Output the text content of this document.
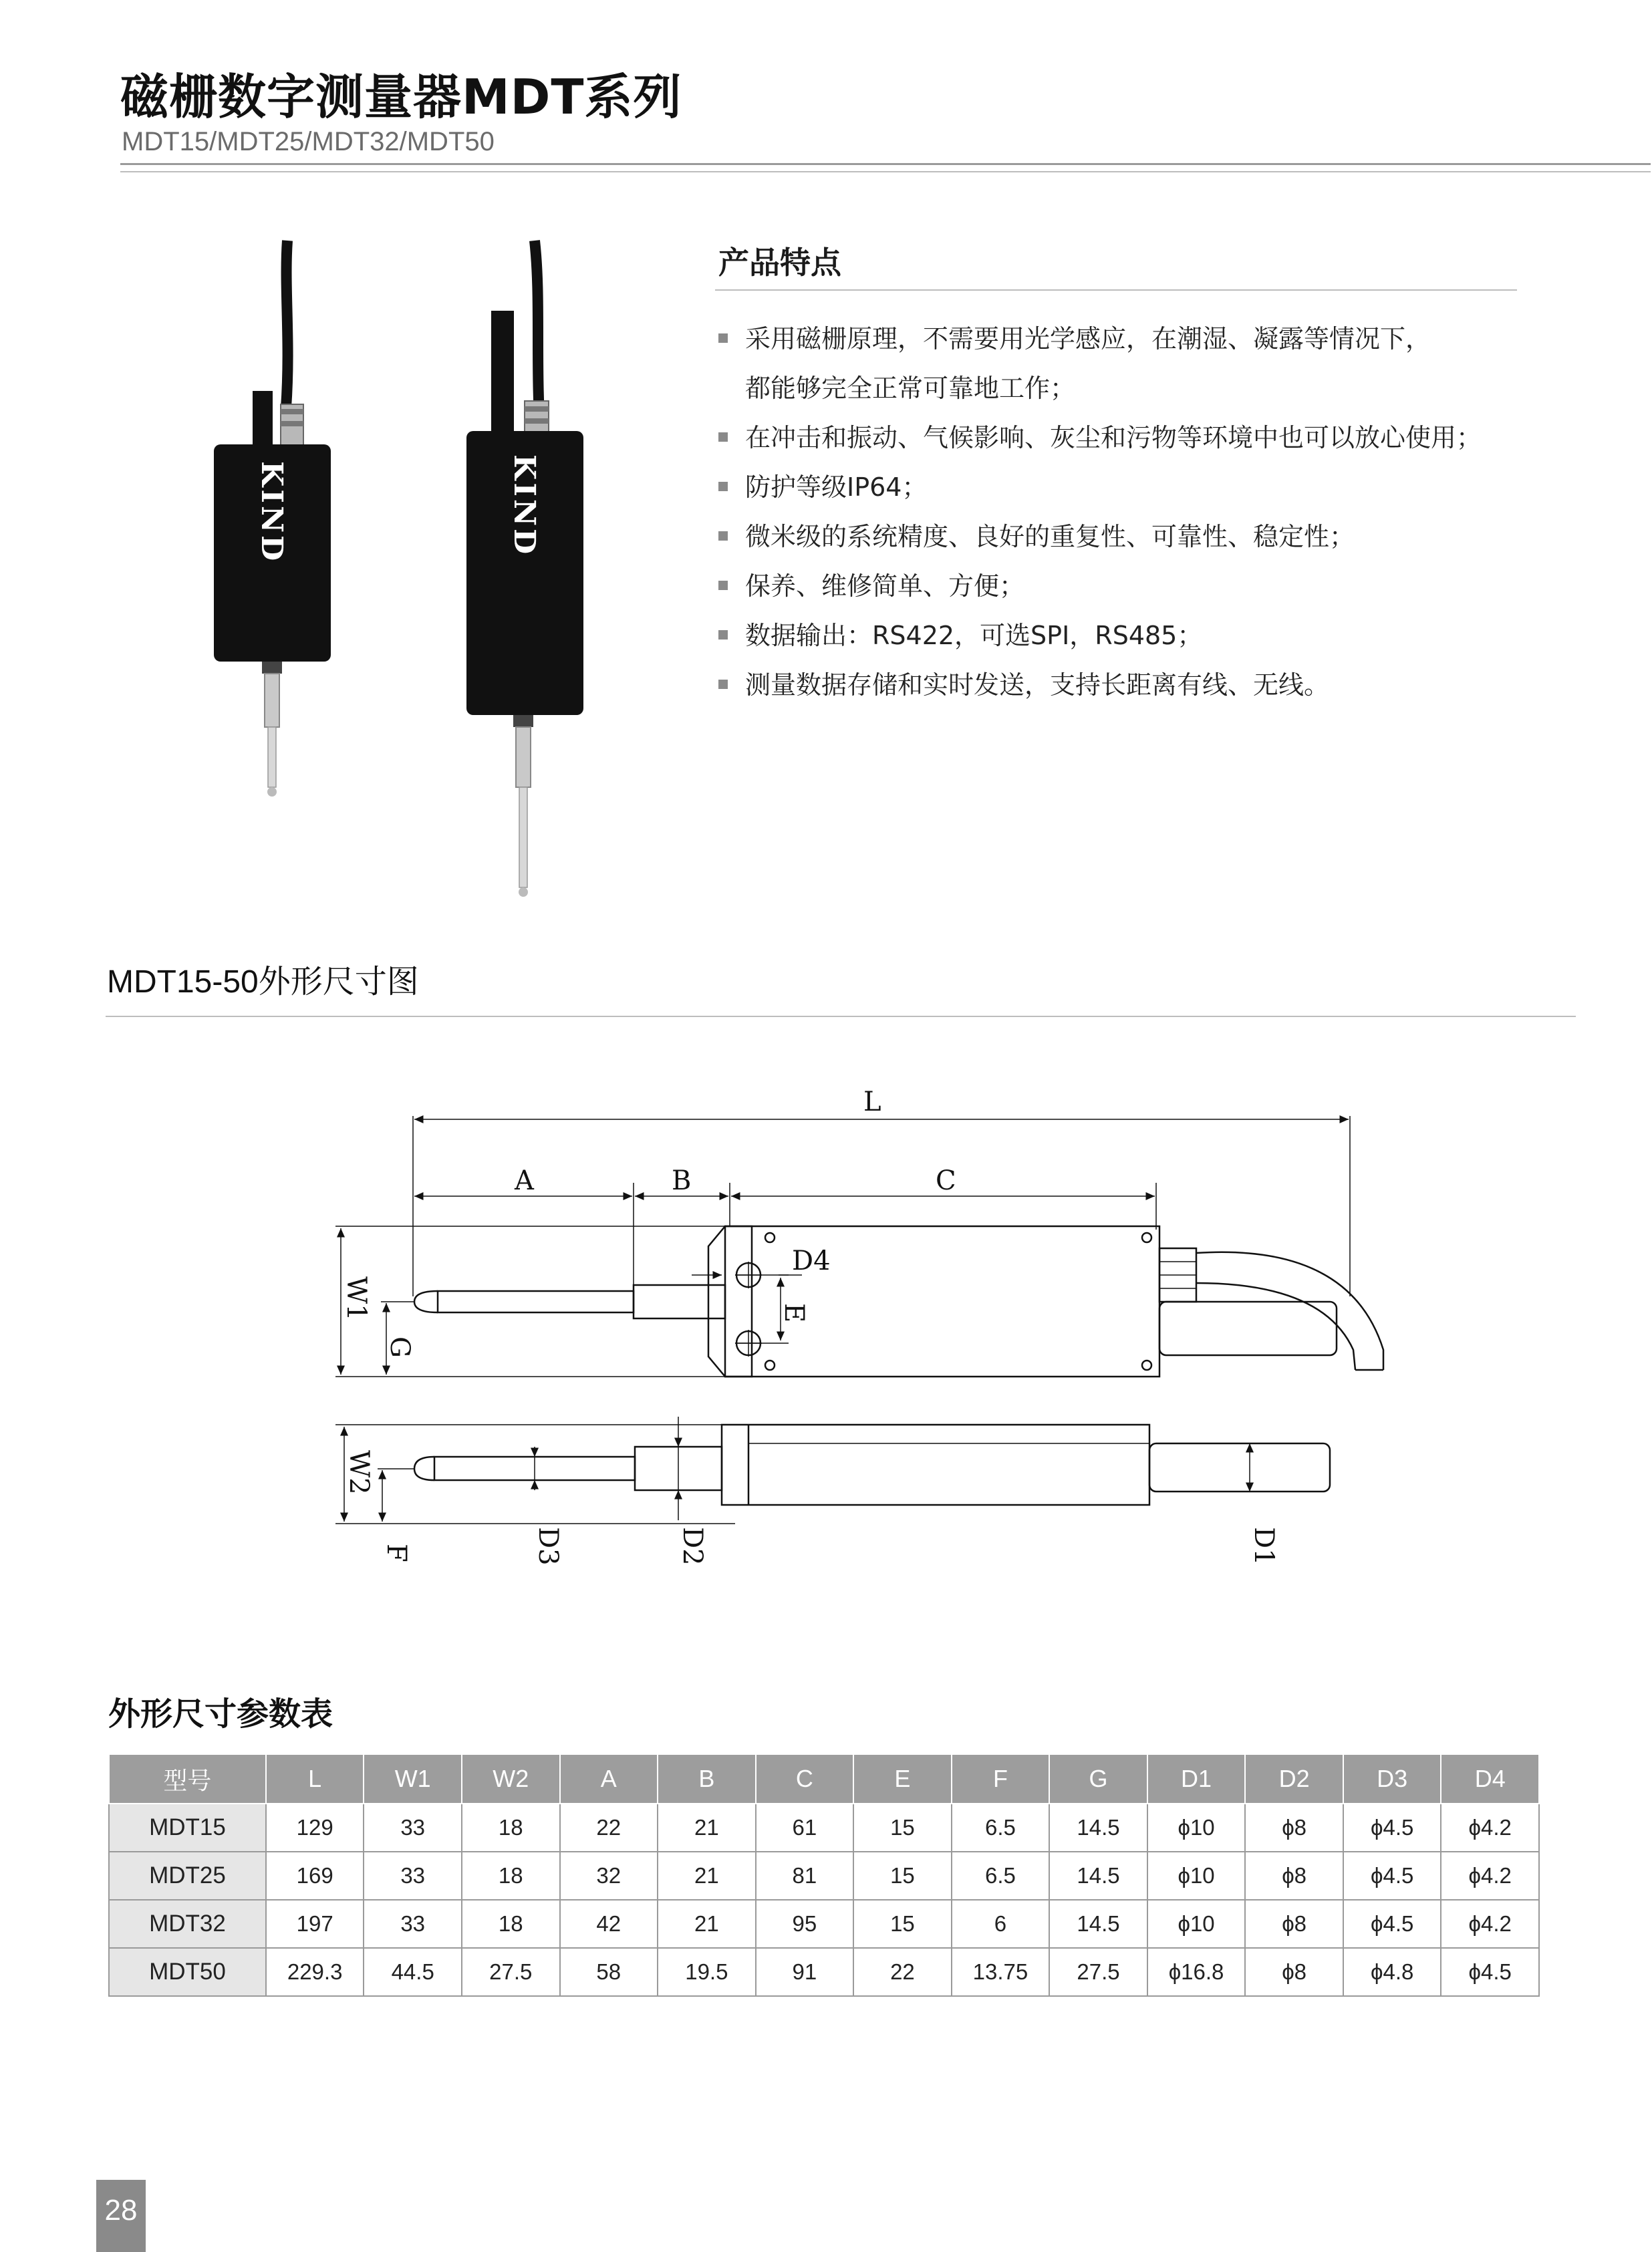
磁栅数字测量器MDT系列
MDT15/MDT25/MDT32/MDT50
KIND	KIND
产品特点
采用磁栅原理，不需要用光学感应，在潮湿、凝露等情况下，
都能够完全正常可靠地工作；
在冲击和振动、气候影响、灰尘和污物等环境中也可以放心使用；
防护等级IP64；
微米级的系统精度、良好的重复性、可靠性、稳定性；
保养、维修简单、方便；
数据输出：RS422，可选SPI，RS485；
测量数据存储和实时发送，支持长距离有线、无线。
MDT15-50外形尺寸图
L
A	B	C
D4
E
W1
G
W2
F	D3	D2	D1
外形尺寸参数表
型号	L	W1	W2	A	B	C	E	F	G	D1	D2	D3	D4
MDT15	129	33	18	22	21	61	15	6.5	14.5	ϕ10	ϕ8	ϕ4.5	ϕ4.2
MDT25	169	33	18	32	21	81	15	6.5	14.5	ϕ10	ϕ8	ϕ4.5	ϕ4.2
MDT32	197	33	18	42	21	95	15	6	14.5	ϕ10	ϕ8	ϕ4.5	ϕ4.2
MDT50	229.3	44.5	27.5	58	19.5	91	22	13.75	27.5	ϕ16.8	ϕ8	ϕ4.8	ϕ4.5
28
